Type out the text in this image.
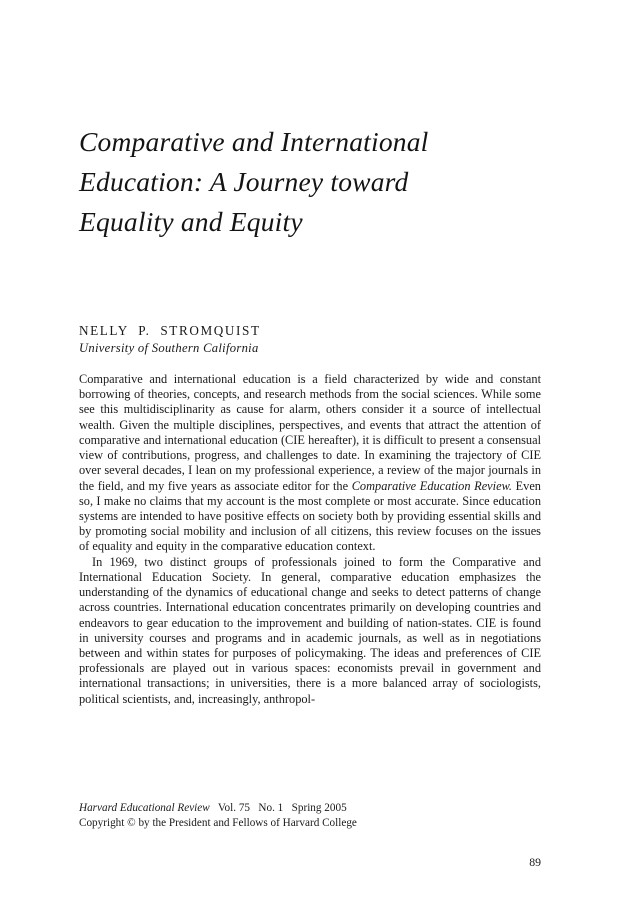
Comparative and International
Education: A Journey toward
Equality and Equity
NELLY  P.  STROMQUIST
University of Southern California

Comparative and international education is a field characterized by wide and constant borrowing of theories, concepts, and research methods from the social sciences. While some see this multidisciplinarity as cause for alarm, others consider it a source of intellectual wealth. Given the multiple disciplines, perspectives, and events that attract the attention of comparative and international education (CIE hereafter), it is difficult to present a consensual view of contributions, progress, and challenges to date. In examining the trajectory of CIE over several decades, I lean on my professional experience, a review of the major journals in the field, and my five years as associate editor for the Comparative Education Review. Even so, I make no claims that my account is the most complete or most accurate. Since education systems are intended to have positive effects on society both by providing essential skills and by promoting social mobility and inclusion of all citizens, this review focuses on the issues of equality and equity in the comparative education context.

In 1969, two distinct groups of professionals joined to form the Comparative and International Education Society. In general, comparative education emphasizes the understanding of the dynamics of educational change and seeks to detect patterns of change across countries. International education concentrates primarily on developing countries and endeavors to gear education to the improvement and building of nation-states. CIE is found in university courses and programs and in academic journals, as well as in negotiations between and within states for purposes of policymaking. The ideas and preferences of CIE professionals are played out in various spaces: economists prevail in government and international transactions; in universities, there is a more balanced array of sociologists, political scientists, and, increasingly, anthropol-

Harvard Educational Review   Vol. 75   No. 1   Spring 2005
Copyright © by the President and Fellows of Harvard College
89
